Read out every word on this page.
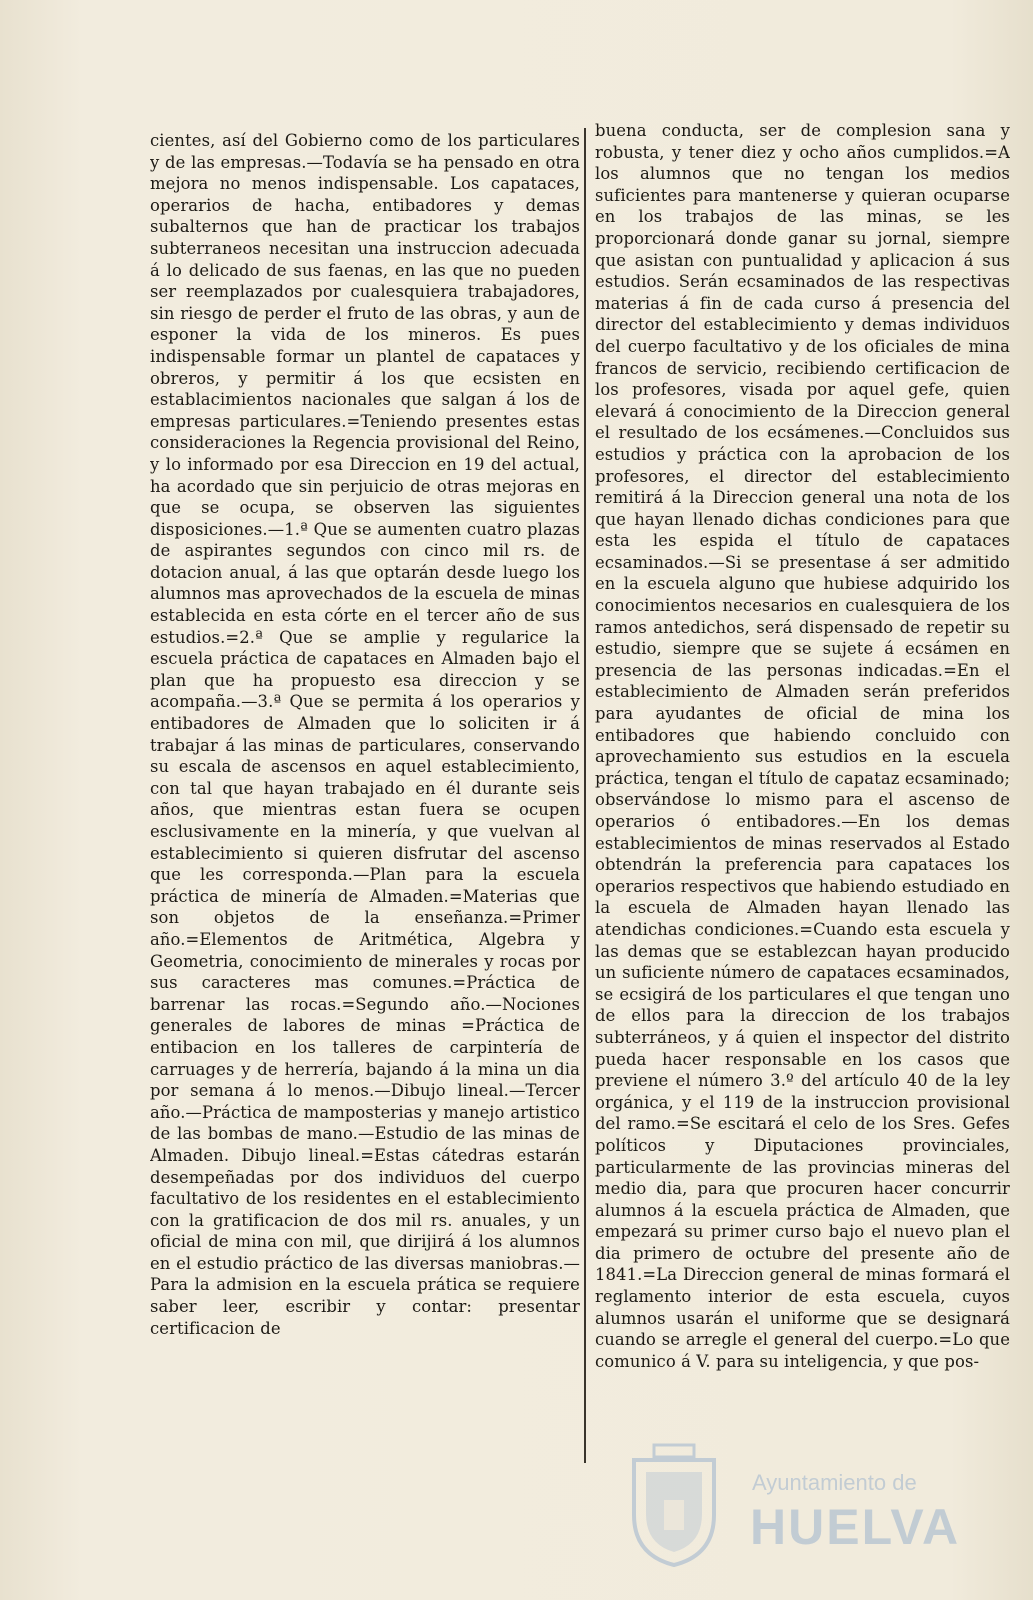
cientes, así del Gobierno como de los particulares y de las empresas.—Todavía se ha pensado en otra mejora no menos indispensable. Los capataces, operarios de hacha, entibadores y demas subalternos que han de practicar los trabajos subterraneos necesitan una instruccion adecuada á lo delicado de sus faenas, en las que no pueden ser reemplazados por cualesquiera trabajadores, sin riesgo de perder el fruto de las obras, y aun de esponer la vida de los mineros. Es pues indispensable formar un plantel de capataces y obreros, y permitir á los que ecsisten en establacimientos nacionales que salgan á los de empresas particulares.=Teniendo presentes estas consideraciones la Regencia provisional del Reino, y lo informado por esa Direccion en 19 del actual, ha acordado que sin perjuicio de otras mejoras en que se ocupa, se observen las siguientes disposiciones.—1.ª Que se aumenten cuatro plazas de aspirantes segundos con cinco mil rs. de dotacion anual, á las que optarán desde luego los alumnos mas aprovechados de la escuela de minas establecida en esta córte en el tercer año de sus estudios.=2.ª Que se amplie y regularice la escuela práctica de capataces en Almaden bajo el plan que ha propuesto esa direccion y se acompaña.—3.ª Que se permita á los operarios y entibadores de Almaden que lo soliciten ir á trabajar á las minas de particulares, conservando su escala de ascensos en aquel establecimiento, con tal que hayan trabajado en él durante seis años, que mientras estan fuera se ocupen esclusivamente en la minería, y que vuelvan al establecimiento si quieren disfrutar del ascenso que les corresponda.—Plan para la escuela práctica de minería de Almaden.=Materias que son objetos de la enseñanza.=Primer año.=Elementos de Aritmética, Algebra y Geometria, conocimiento de minerales y rocas por sus caracteres mas comunes.=Práctica de barrenar las rocas.=Segundo año.—Nociones generales de labores de minas =Práctica de entibacion en los talleres de carpintería de carruages y de herrería, bajando á la mina un dia por semana á lo menos.—Dibujo lineal.—Tercer año.—Práctica de mamposterias y manejo artistico de las bombas de mano.—Estudio de las minas de Almaden. Dibujo lineal.=Estas cátedras estarán desempeñadas por dos individuos del cuerpo facultativo de los residentes en el establecimiento con la gratificacion de dos mil rs. anuales, y un oficial de mina con mil, que dirijirá á los alumnos en el estudio práctico de las diversas maniobras.—Para la admision en la escuela prática se requiere saber leer, escribir y contar: presentar certificacion de

buena conducta, ser de complesion sana y robusta, y tener diez y ocho años cumplidos.=A los alumnos que no tengan los medios suficientes para mantenerse y quieran ocuparse en los trabajos de las minas, se les proporcionará donde ganar su jornal, siempre que asistan con puntualidad y aplicacion á sus estudios. Serán ecsaminados de las respectivas materias á fin de cada curso á presencia del director del establecimiento y demas individuos del cuerpo facultativo y de los oficiales de mina francos de servicio, recibiendo certificacion de los profesores, visada por aquel gefe, quien elevará á conocimiento de la Direccion general el resultado de los ecsámenes.—Concluidos sus estudios y práctica con la aprobacion de los profesores, el director del establecimiento remitirá á la Direccion general una nota de los que hayan llenado dichas condiciones para que esta les espida el título de capataces ecsaminados.—Si se presentase á ser admitido en la escuela alguno que hubiese adquirido los conocimientos necesarios en cualesquiera de los ramos antedichos, será dispensado de repetir su estudio, siempre que se sujete á ecsámen en presencia de las personas indicadas.=En el establecimiento de Almaden serán preferidos para ayudantes de oficial de mina los entibadores que habiendo concluido con aprovechamiento sus estudios en la escuela práctica, tengan el título de capataz ecsaminado; observándose lo mismo para el ascenso de operarios ó entibadores.—En los demas establecimientos de minas reservados al Estado obtendrán la preferencia para capataces los operarios respectivos que habiendo estudiado en la escuela de Almaden hayan llenado las atendichas condiciones.=Cuando esta escuela y las demas que se establezcan hayan producido un suficiente número de capataces ecsaminados, se ecsigirá de los particulares el que tengan uno de ellos para la direccion de los trabajos subterráneos, y á quien el inspector del distrito pueda hacer responsable en los casos que previene el número 3.º del artículo 40 de la ley orgánica, y el 119 de la instruccion provisional del ramo.=Se escitará el celo de los Sres. Gefes políticos y Diputaciones provinciales, particularmente de las provincias mineras del medio dia, para que procuren hacer concurrir alumnos á la escuela práctica de Almaden, que empezará su primer curso bajo el nuevo plan el dia primero de octubre del presente año de 1841.=La Direccion general de minas formará el reglamento interior de esta escuela, cuyos alumnos usarán el uniforme que se designará cuando se arregle el general del cuerpo.=Lo que comunico á V. para su inteligencia, y que pos-

Ayuntamiento de
HUELVA
